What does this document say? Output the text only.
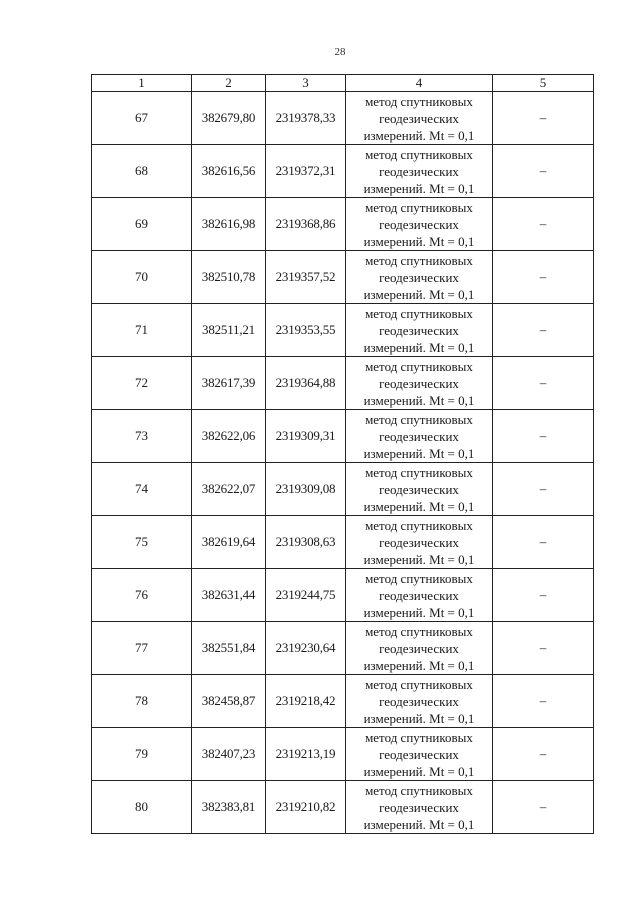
28
1	2	3	4	5
67	382679,80	2319378,33	метод спутниковых
геодезических
измерений. Mt = 0,1	–
68	382616,56	2319372,31	метод спутниковых
геодезических
измерений. Mt = 0,1	–
69	382616,98	2319368,86	метод спутниковых
геодезических
измерений. Mt = 0,1	–
70	382510,78	2319357,52	метод спутниковых
геодезических
измерений. Mt = 0,1	–
71	382511,21	2319353,55	метод спутниковых
геодезических
измерений. Mt = 0,1	–
72	382617,39	2319364,88	метод спутниковых
геодезических
измерений. Mt = 0,1	–
73	382622,06	2319309,31	метод спутниковых
геодезических
измерений. Mt = 0,1	–
74	382622,07	2319309,08	метод спутниковых
геодезических
измерений. Mt = 0,1	–
75	382619,64	2319308,63	метод спутниковых
геодезических
измерений. Mt = 0,1	–
76	382631,44	2319244,75	метод спутниковых
геодезических
измерений. Mt = 0,1	–
77	382551,84	2319230,64	метод спутниковых
геодезических
измерений. Mt = 0,1	–
78	382458,87	2319218,42	метод спутниковых
геодезических
измерений. Mt = 0,1	–
79	382407,23	2319213,19	метод спутниковых
геодезических
измерений. Mt = 0,1	–
80	382383,81	2319210,82	метод спутниковых
геодезических
измерений. Mt = 0,1	–
